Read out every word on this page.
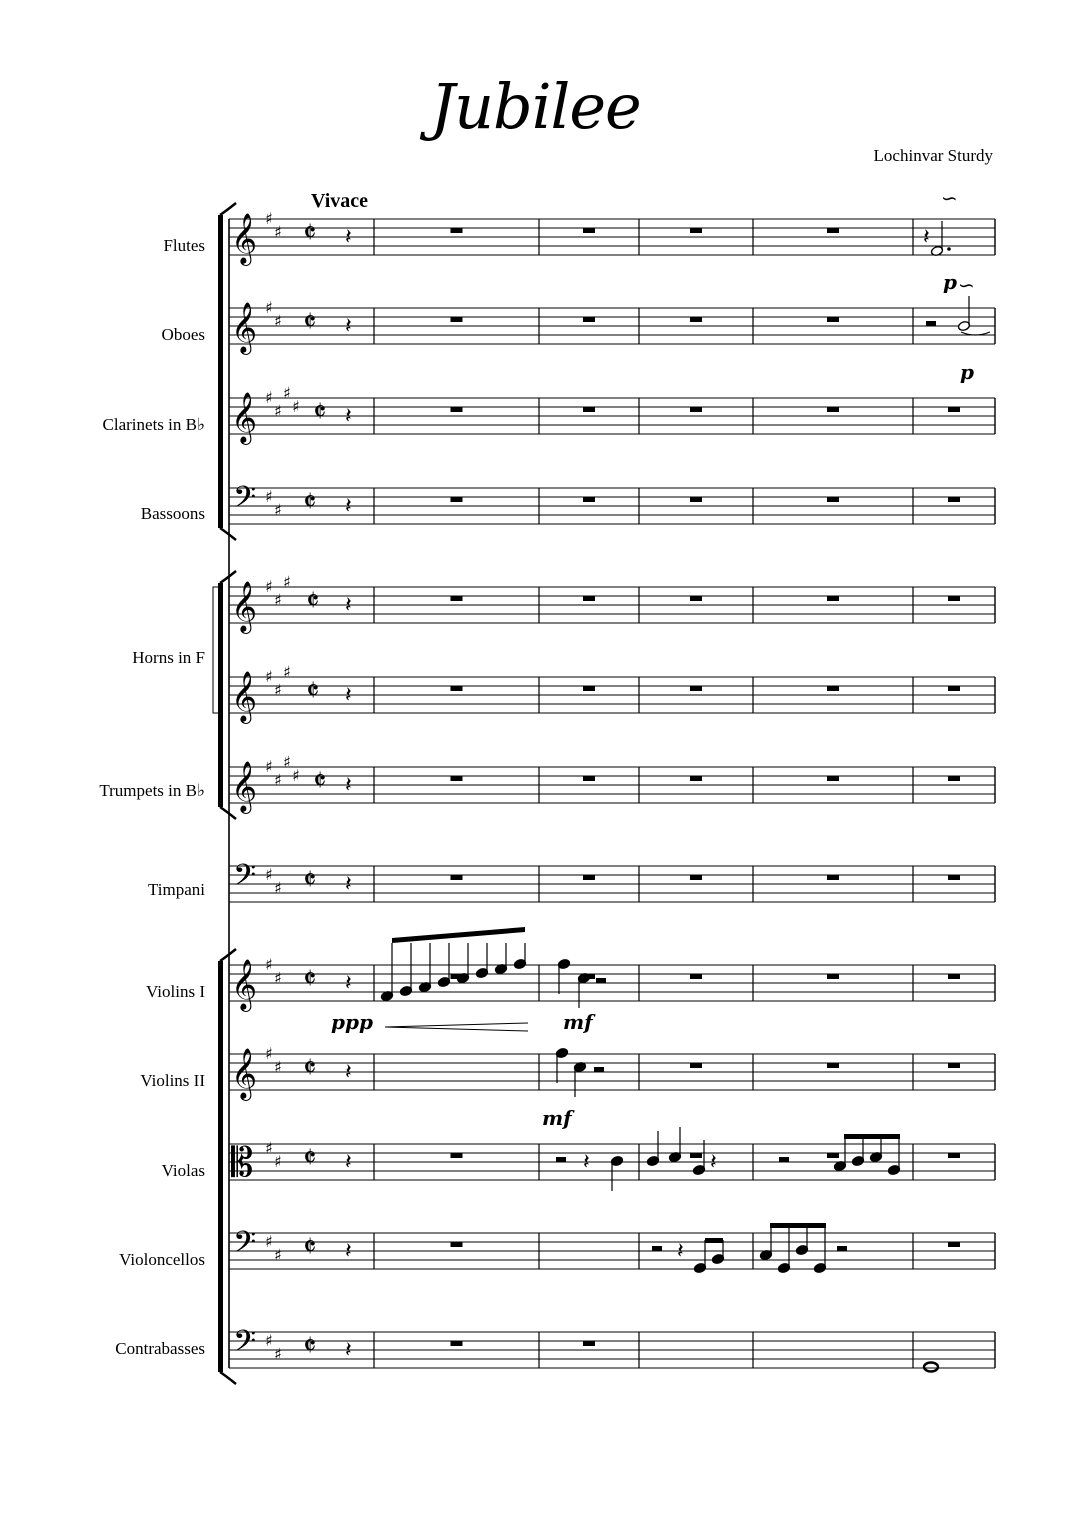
Jubilee
Lochinvar Sturdy
Vivace
Flutes
Oboes
Clarinets in B♭
Bassoons
Horns in F
Trumpets in B♭
Timpani
Violins I
Violins II
Violas
Violoncellos
Contrabasses
𝄞 ♯
♯ 𝄵 𝄽
𝄞 ♯
♯ 𝄵 𝄽
𝄞 ♯
♯
♯
♯ 𝄵 𝄽
𝄢 ♯
♯ 𝄵 𝄽
𝄞 ♯
♯
♯
𝄵 𝄽
𝄞 ♯
♯
♯
𝄵 𝄽
𝄞 ♯
♯
♯
♯ 𝄵 𝄽
𝄢 ♯
♯ 𝄵 𝄽
𝄞 ♯
♯ 𝄵 𝄽
𝄞 ♯
♯ 𝄵 𝄽
𝄡 ♯
♯ 𝄵 𝄽
𝄢 ♯
♯ 𝄵 𝄽
𝄢 ♯
♯ 𝄵 𝄽
𝄽
∽
p ∽
p
ppp	mf
mf
𝄽	𝄽
𝄽
